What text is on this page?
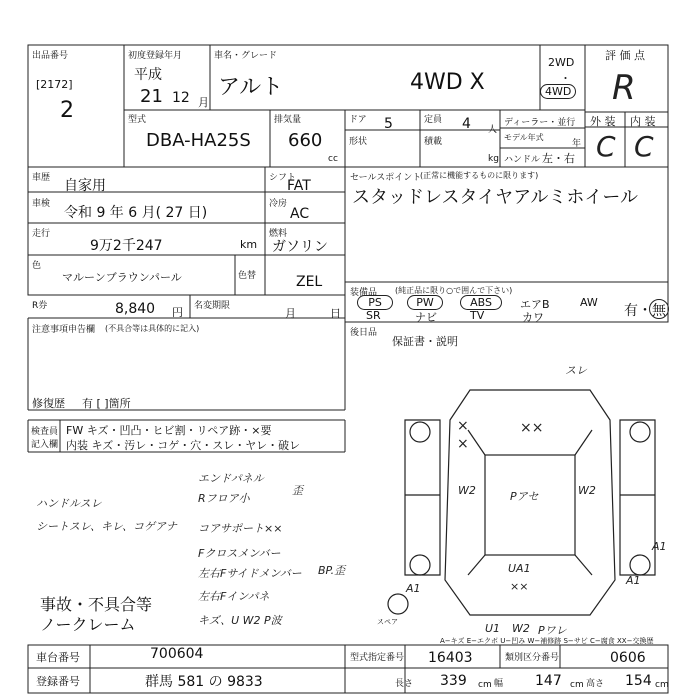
出品番号
[2172]
2
初度登録年月
平成
21 12 月
車名・グレード
アルト	4WD X
2WD
・
4WD
評 価 点
R
型式
DBA-HA25S
排気量
660
cc
ドア 5
形状
定員 4 人
積載
kg
ディーラー・並行
モデル年式
年
ハンドル 左・右
外 装 内 装
C C
車歴 自家用
車検
令和 9 年 6 月( 27 日)
走行
9万2千247	km
シフト
FAT
冷房
AC
燃料
ガソリン
色
マルーンブラウンパール	色替	ZEL
R券	8,840 円 名変期限
月	日
注意事項申告欄 (不具合等は具体的に記入)
修復歴 有 [ ]箇所
セールスポイント
(正常に機能するものに限ります)
スタッドレスタイヤアルミホイール
装備品 (純正品に限り○で囲んで下さい)
PS	PW	ABS	エアB	AW
SR	ナビ	TV	カワ	有・無
後日品
保証書・説明
検査員
記入欄
FW キズ・凹凸・ヒビ割・リペア跡・×要
内装 キズ・汚レ・コゲ・穴・スレ・ヤレ・破レ
ハンドルスレ
シートスレ、キレ、コゲアナ
エンドパネル
Rフロア小
歪
コアサポート××
Fクロスメンバー
左右Fサイドメンバー BP.歪
左右Fインパネ
キズ、U W2 P波
事故・不具合等
ノークレーム
スレ
××
×
×
W2	W2
Pアセ
UA1
××
A1
A1
A1
U1 W2 Pワレ
スペア
A−キズ E−エクボ U−凹み W−補修跡 S−サビ C−腐食 XX−交換歴
車台番号	700604
登録番号	群馬 581 の 9833
型式指定番号 16403	類別区分番号	0606
長さ 339 cm 幅 147 cm 高さ 154 cm
